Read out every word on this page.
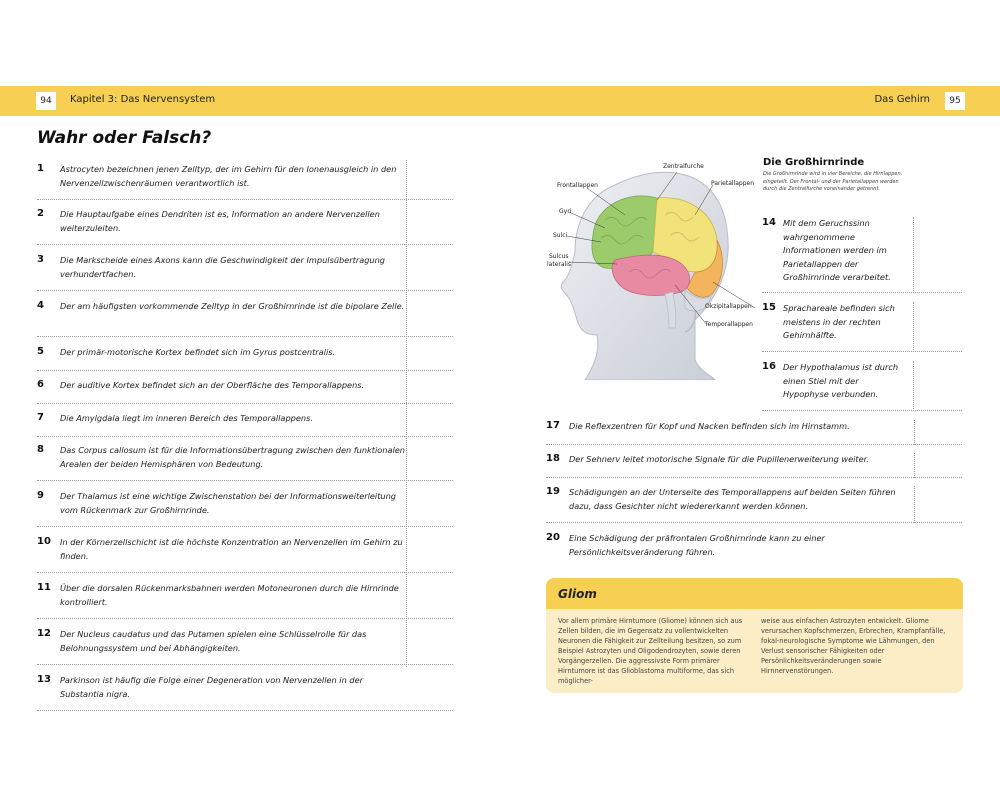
94	Kapitel 3: Das Nervensystem	Das Gehirn	95
Wahr oder Falsch?
1 Astrocyten bezeichnen jenen Zelltyp, der im Gehirn für den Ionenausgleich in den Nervenzellzwischenräumen verantwortlich ist.
2 Die Hauptaufgabe eines Dendriten ist es, Information an andere Nervenzellen weiterzuleiten.
3 Die Markscheide eines Axons kann die Geschwindigkeit der Impulsübertragung verhundertfachen.
4 Der am häufigsten vorkommende Zelltyp in der Großhirnrinde ist die bipolare Zelle.
5 Der primär-motorische Kortex befindet sich im Gyrus postcentralis.
6 Der auditive Kortex befindet sich an der Oberfläche des Temporallappens.
7 Die Amylgdala liegt im inneren Bereich des Temporallappens.
8 Das Corpus callosum ist für die Informationsübertragung zwischen den funktionalen Arealen der beiden Hemisphären von Bedeutung.
9 Der Thalamus ist eine wichtige Zwischenstation bei der Informationsweiterleitung vom Rückenmark zur Großhirnrinde.
10 In der Körnerzellschicht ist die höchste Konzentration an Nervenzellen im Gehirn zu finden.
11 Über die dorsalen Rückenmarksbahnen werden Motoneuronen durch die Hirnrinde kontrolliert.
12 Der Nucleus caudatus und das Putamen spielen eine Schlüsselrolle für das Belohnungssystem und bei Abhängigkeiten.
13 Parkinson ist häufig die Folge einer Degeneration von Nervenzellen in der Substantia nigra.
Zentralfurche
Frontallappen	Parietallappen
Gyri
Sulci
Sulcus
lateralis
Okzipitallappen
Temporallappen
Die Großhirnrinde
Die Großhirnrinde wird in vier Bereiche, die Hirnlappen, eingeteilt. Der Frontal- und der Parietallappen werden durch die Zentralfurche voneinander getrennt.
14 Mit dem Geruchssinn wahrgenommene Informationen werden im Parietallappen der Großhirnrinde verarbeitet.
15 Sprachareale befinden sich meistens in der rechten Gehirnhälfte.
16 Der Hypothalamus ist durch einen Stiel mit der Hypophyse verbunden.
17 Die Reflexzentren für Kopf und Nacken befinden sich im Hirnstamm.
18 Der Sehnerv leitet motorische Signale für die Pupillenerweiterung weiter.
19 Schädigungen an der Unterseite des Temporallappens auf beiden Seiten führen dazu, dass Gesichter nicht wiedererkannt werden können.
20 Eine Schädigung der präfrontalen Großhirnrinde kann zu einer Persönlichkeitsveränderung führen.
Gliom
Vor allem primäre Hirntumore (Gliome) können sich aus Zellen bilden, die im Gegensatz zu vollentwickelten Neuronen die Fähigkeit zur Zellteilung besitzen, so zum Beispiel Astrozyten und Oligodendrozyten, sowie deren Vorgängerzellen. Die aggressivste Form primärer Hirntumore ist das Glioblastoma multiforme, das sich möglicher-
weise aus einfachen Astrozyten entwickelt. Gliome verursachen Kopfschmerzen, Erbrechen, Krampfanfälle, fokal-neurologische Symptome wie Lähmungen, den Verlust sensorischer Fähigkeiten oder Persönlichkeitsveränderungen sowie Hirnnervenstörungen.
